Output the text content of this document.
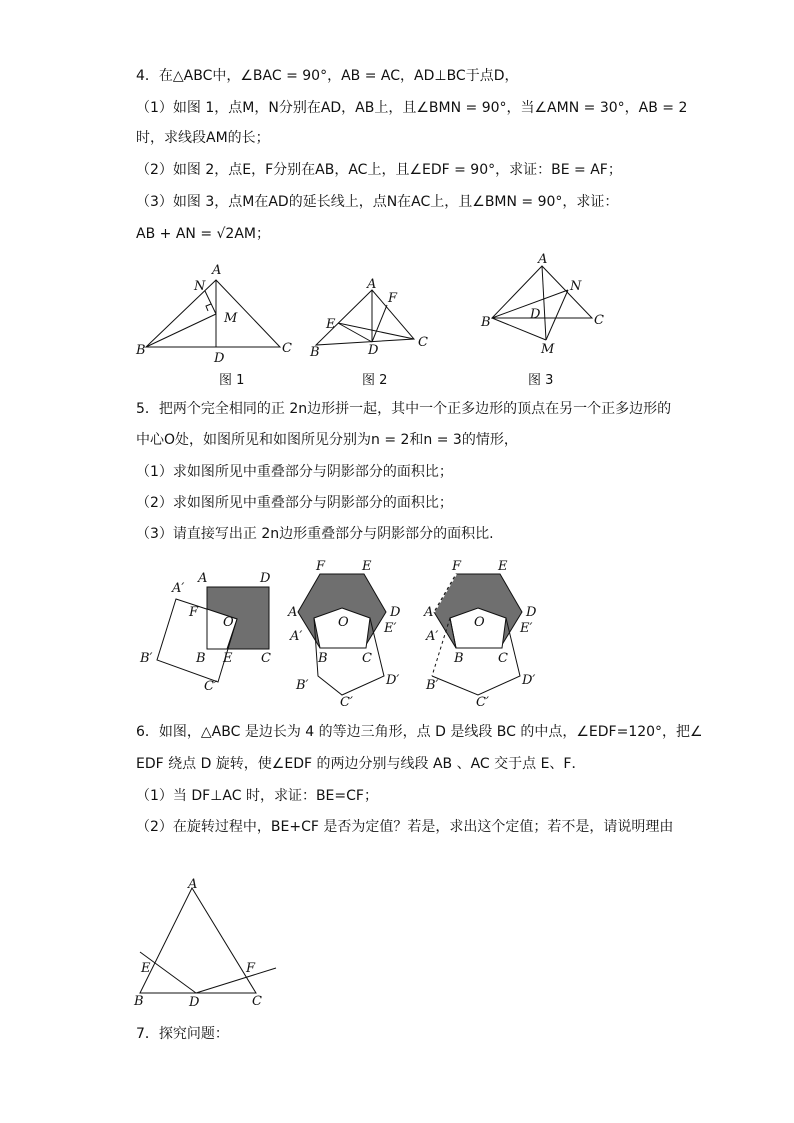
4．在△ABC中，∠BAC = 90°，AB = AC，AD⊥BC于点D，
（1）如图 1，点M，N分别在AD，AB上，且∠BMN = 90°，当∠AMN = 30°，AB = 2
时，求线段AM的长；
（2）如图 2，点E，F分别在AB，AC上，且∠EDF = 90°，求证：BE = AF；
（3）如图 3，点M在AD的延长线上，点N在AC上，且∠BMN = 90°，求证：
AB + AN = √2AM；
A
N
M
B
D
C
图 1
A
F
E
B	D
C
图 2
A
N
D
B	C
M
图 3
5．把两个完全相同的正 2n边形拼一起，其中一个正多边形的顶点在另一个正多边形的
中心O处，如图所见和如图所见分别为n = 2和n = 3的情形，
（1）求如图所见中重叠部分与阴影部分的面积比；
（2）求如图所见中重叠部分与阴影部分的面积比；
（3）请直接写出正 2n边形重叠部分与阴影部分的面积比.
A′
A	D
F
O
B′	B E C
C′
F	E
A	D
O
A′
E′
B	C
B′	D′
C′
F	E
A	D
O
A′
E′
B	C
B′	D′
C′
6．如图，△ABC 是边长为 4 的等边三角形，点 D 是线段 BC 的中点，∠EDF=120°，把∠
EDF 绕点 D 旋转，使∠EDF 的两边分别与线段 AB 、AC 交于点 E、F．
（1）当 DF⊥AC 时，求证：BE=CF；
（2）在旋转过程中，BE+CF 是否为定值？若是，求出这个定值；若不是，请说明理由
A
E	F
B	D	C
7．探究问题：
